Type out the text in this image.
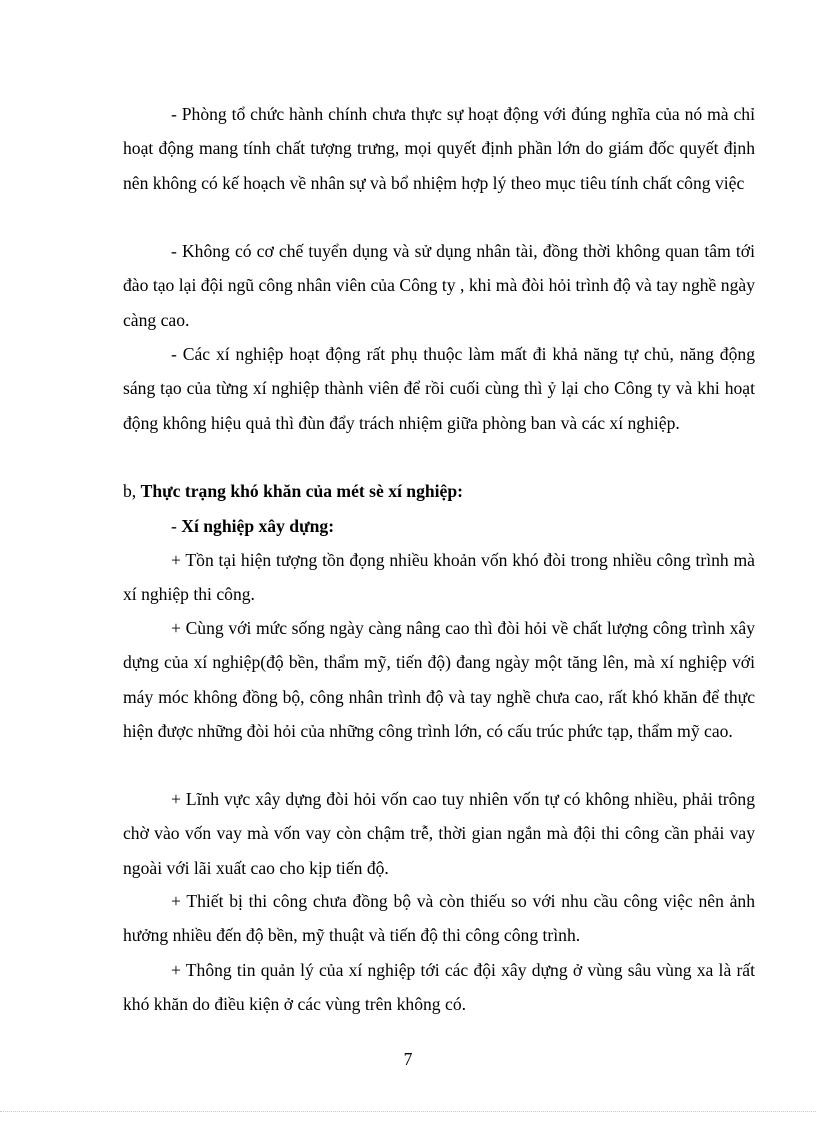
- Phòng tổ chức hành chính chưa thực sự hoạt động với đúng nghĩa của nó mà chỉ hoạt động mang tính chất tượng trưng, mọi quyết định phần lớn do giám đốc quyết định nên không có kế hoạch về nhân sự và bổ nhiệm hợp lý theo mục tiêu tính chất công việc

- Không có cơ chế tuyển dụng và sử dụng nhân tài, đồng thời không quan tâm tới đào tạo lại đội ngũ công nhân viên của Công ty , khi mà đòi hỏi trình độ và tay nghề ngày càng cao.

- Các xí nghiệp hoạt động rất phụ thuộc làm mất đi khả năng tự chủ, năng động sáng tạo của từng xí nghiệp thành viên để rồi cuối cùng thì ỷ lại cho Công ty và khi hoạt động không hiệu quả thì đùn đẩy trách nhiệm giữa phòng ban và các xí nghiệp.

b, Thực trạng khó khăn của mét sè xí nghiệp:

- Xí nghiệp xây dựng:

+ Tồn tại hiện tượng tồn đọng nhiều khoản vốn khó đòi trong nhiều công trình mà xí nghiệp thi công.

+ Cùng với mức sống ngày càng nâng cao thì đòi hỏi về chất lượng công trình xây dựng của xí nghiệp(độ bền, thẩm mỹ, tiến độ) đang ngày một tăng lên, mà xí nghiệp với máy móc không đồng bộ, công nhân trình độ và tay nghề chưa cao, rất khó khăn để thực hiện được những đòi hỏi của những công trình lớn, có cấu trúc phức tạp, thẩm mỹ cao.

+ Lĩnh vực xây dựng đòi hỏi vốn cao tuy nhiên vốn tự có không nhiều, phải trông chờ vào vốn vay mà vốn vay còn chậm trễ, thời gian ngắn mà đội thi công cần phải vay ngoài với lãi xuất cao cho kịp tiến độ.

+ Thiết bị thi công chưa đồng bộ và còn thiếu so với nhu cầu công việc nên ảnh hưởng nhiều đến độ bền, mỹ thuật và tiến độ thi công công trình.

+ Thông tin quản lý của xí nghiệp tới các đội xây dựng ở vùng sâu vùng xa là rất khó khăn do điều kiện ở các vùng trên không có.

7
